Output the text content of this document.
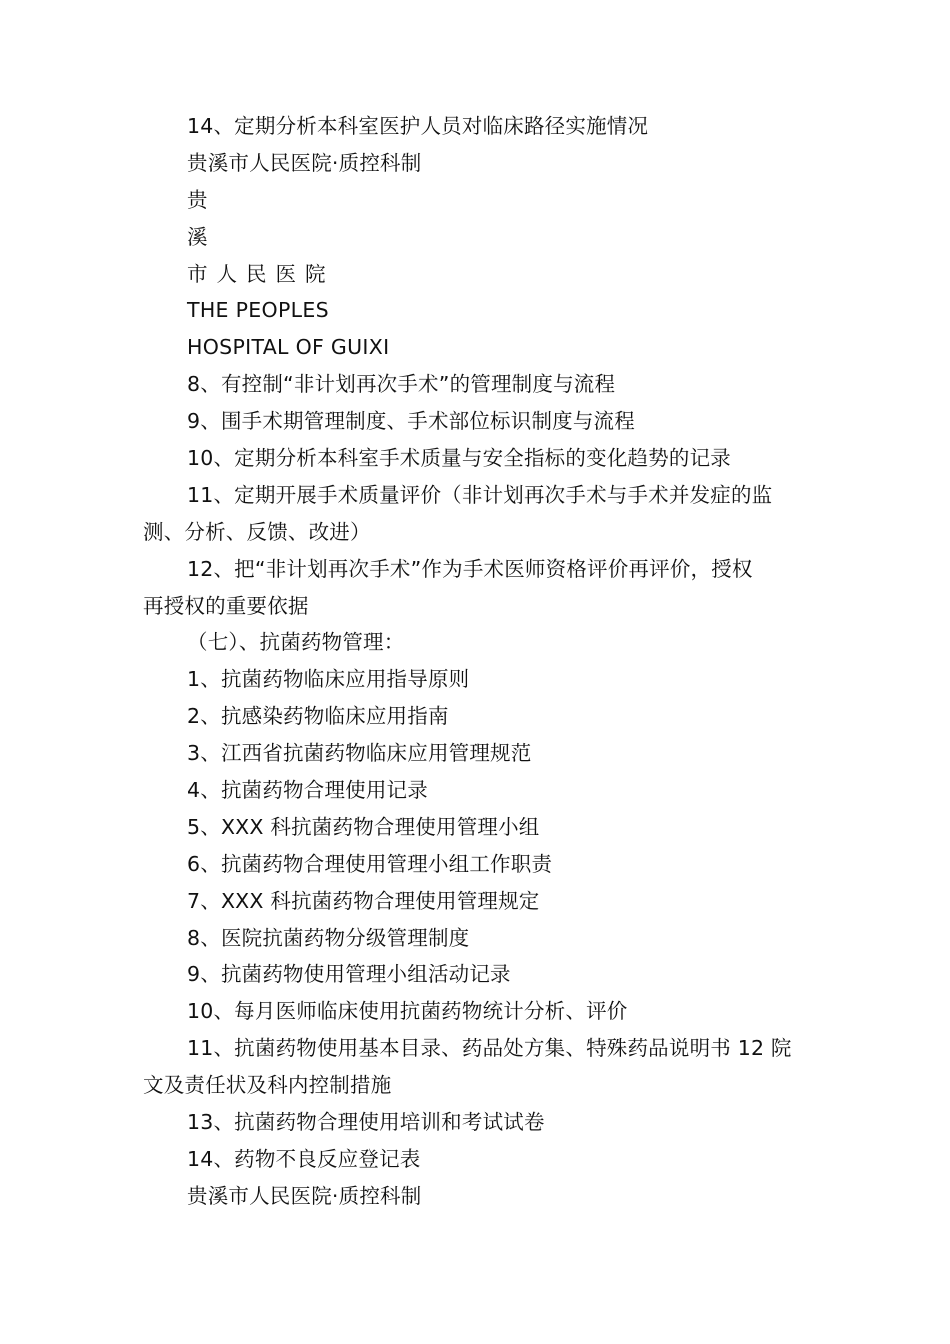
14、定期分析本科室医护人员对临床路径实施情况
贵溪市人民医院·质控科制
贵
溪
市人民医院
THE PEOPLES
HOSPITAL OF GUIXI
8、有控制“非计划再次手术”的管理制度与流程
9、围手术期管理制度、手术部位标识制度与流程
10、定期分析本科室手术质量与安全指标的变化趋势的记录
11、定期开展手术质量评价（非计划再次手术与手术并发症的监
测、分析、反馈、改进）
12、把“非计划再次手术”作为手术医师资格评价再评价，授权
再授权的重要依据
（七）、抗菌药物管理：
1、抗菌药物临床应用指导原则
2、抗感染药物临床应用指南
3、江西省抗菌药物临床应用管理规范
4、抗菌药物合理使用记录
5、XXX 科抗菌药物合理使用管理小组
6、抗菌药物合理使用管理小组工作职责
7、XXX 科抗菌药物合理使用管理规定
8、医院抗菌药物分级管理制度
9、抗菌药物使用管理小组活动记录
10、每月医师临床使用抗菌药物统计分析、评价
11、抗菌药物使用基本目录、药品处方集、特殊药品说明书 12 院
文及责任状及科内控制措施
13、抗菌药物合理使用培训和考试试卷
14、药物不良反应登记表
贵溪市人民医院·质控科制
